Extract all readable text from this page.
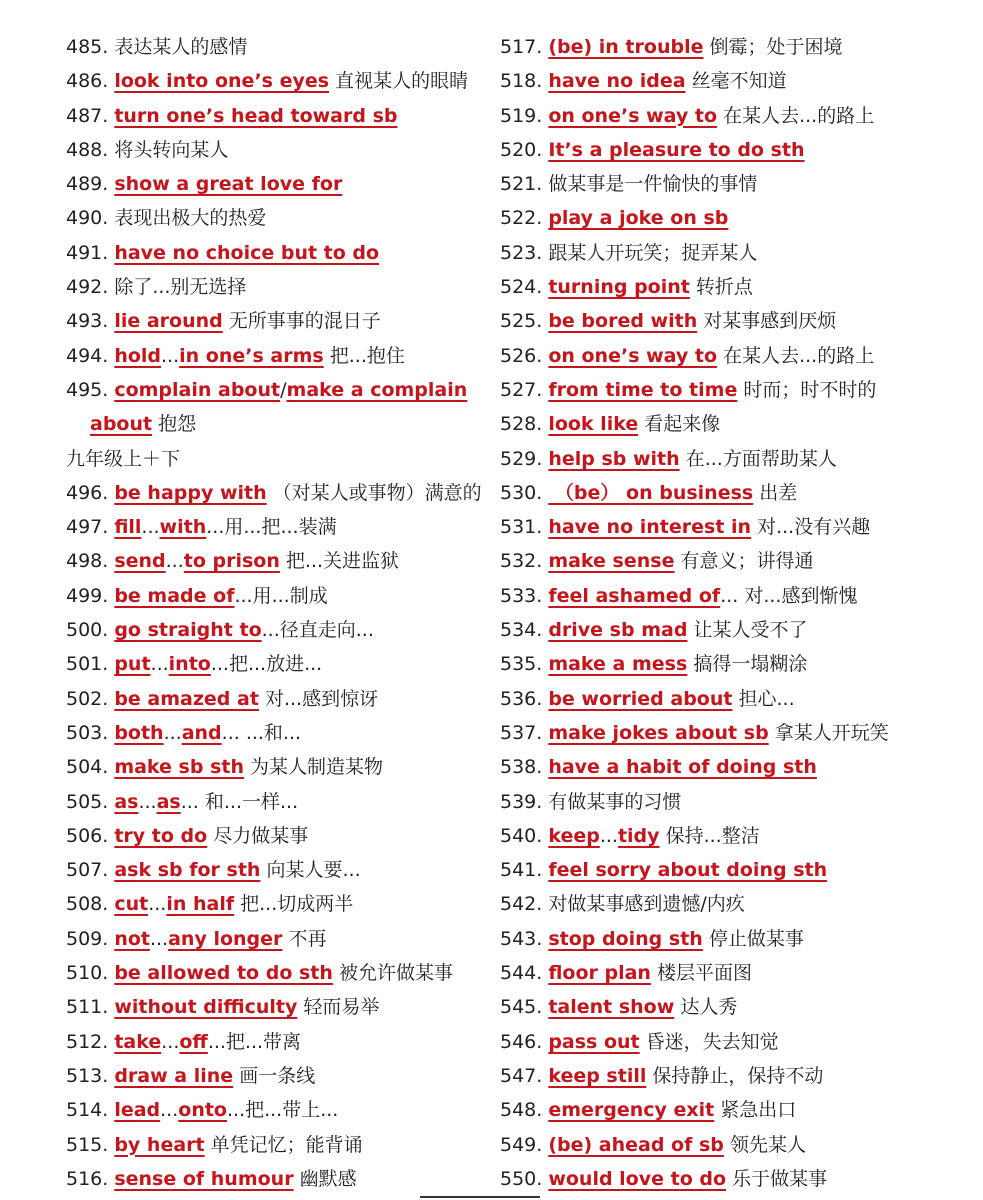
485. 表达某人的感情
486. look into one’s eyes 直视某人的眼睛
487. turn one’s head toward sb
488. 将头转向某人
489. show a great love for
490. 表现出极大的热爱
491. have no choice but to do
492. 除了...别无选择
493. lie around 无所事事的混日子
494. hold...in one’s arms 把...抱住
495. complain about/make a complain
about 抱怨
九年级上＋下
496. be happy with （对某人或事物）满意的
497. fill...with...用...把...装满
498. send...to prison 把...关进监狱
499. be made of...用...制成
500. go straight to...径直走向...
501. put...into...把...放进...
502. be amazed at 对...感到惊讶
503. both...and... ...和...
504. make sb sth 为某人制造某物
505. as...as... 和...一样...
506. try to do 尽力做某事
507. ask sb for sth 向某人要...
508. cut...in half 把...切成两半
509. not...any longer 不再
510. be allowed to do sth 被允许做某事
511. without difficulty 轻而易举
512. take...off...把...带离
513. draw a line 画一条线
514. lead...onto...把...带上...
515. by heart 单凭记忆；能背诵
516. sense of humour 幽默感
517. (be) in trouble 倒霉；处于困境
518. have no idea 丝毫不知道
519. on one’s way to 在某人去...的路上
520. It’s a pleasure to do sth
521. 做某事是一件愉快的事情
522. play a joke on sb
523. 跟某人开玩笑；捉弄某人
524. turning point 转折点
525. be bored with 对某事感到厌烦
526. on one’s way to 在某人去...的路上
527. from time to time 时而；时不时的
528. look like 看起来像
529. help sb with 在...方面帮助某人
530. （be） on business 出差
531. have no interest in 对...没有兴趣
532. make sense 有意义；讲得通
533. feel ashamed of... 对...感到惭愧
534. drive sb mad 让某人受不了
535. make a mess 搞得一塌糊涂
536. be worried about 担心...
537. make jokes about sb 拿某人开玩笑
538. have a habit of doing sth
539. 有做某事的习惯
540. keep...tidy 保持...整洁
541. feel sorry about doing sth
542. 对做某事感到遗憾/内疚
543. stop doing sth 停止做某事
544. floor plan 楼层平面图
545. talent show 达人秀
546. pass out 昏迷，失去知觉
547. keep still 保持静止，保持不动
548. emergency exit 紧急出口
549. (be) ahead of sb 领先某人
550. would love to do 乐于做某事
